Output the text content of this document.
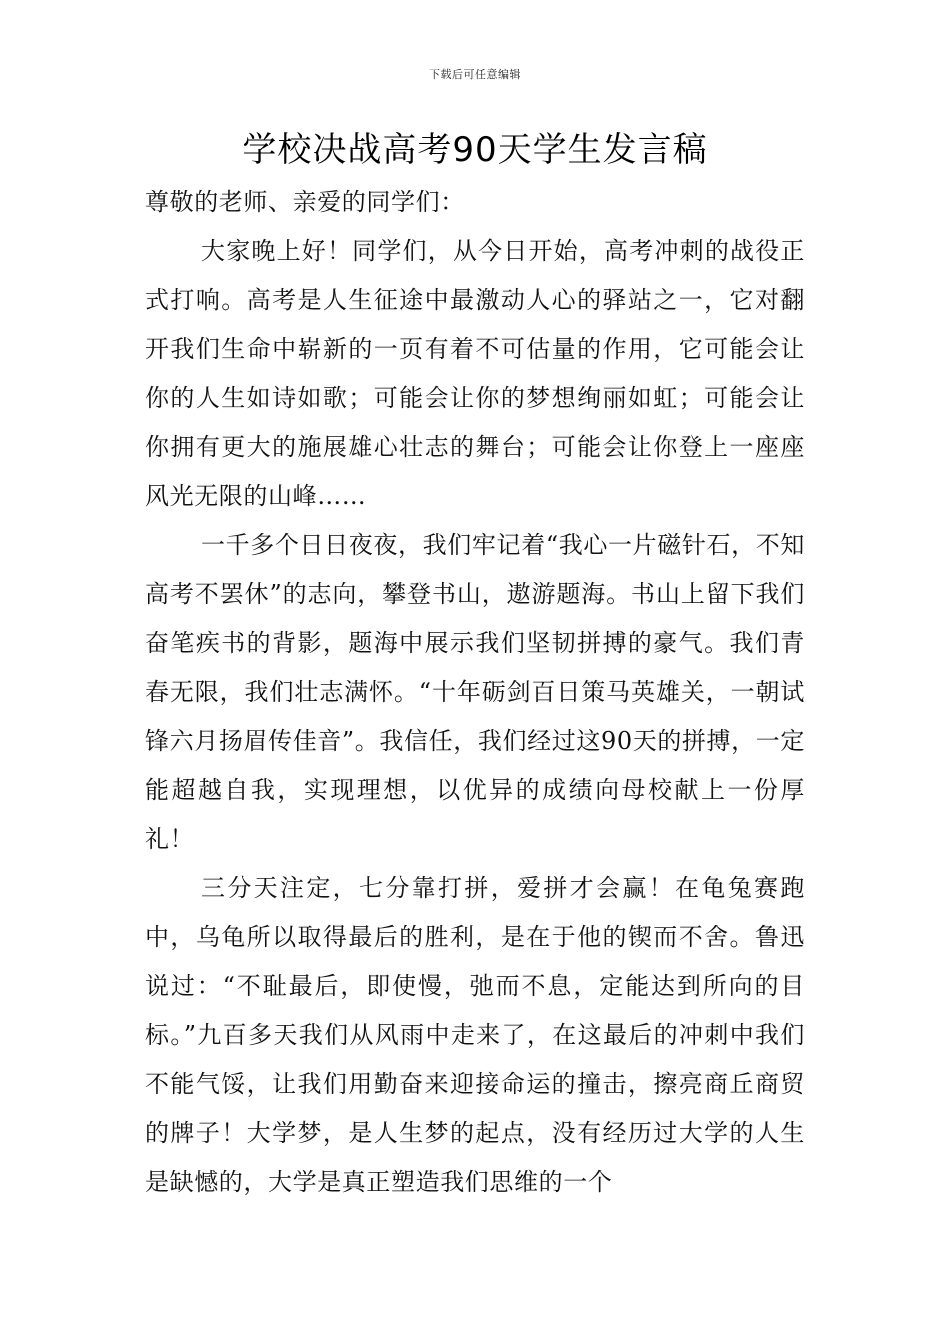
下载后可任意编辑
学校决战高考90天学生发言稿

尊敬的老师、亲爱的同学们：

大家晚上好！同学们，从今日开始，高考冲刺的战役正式打响。高考是人生征途中最激动人心的驿站之一，它对翻开我们生命中崭新的一页有着不可估量的作用，它可能会让你的人生如诗如歌；可能会让你的梦想绚丽如虹；可能会让你拥有更大的施展雄心壮志的舞台；可能会让你登上一座座风光无限的山峰……

一千多个日日夜夜，我们牢记着“我心一片磁针石，不知高考不罢休”的志向，攀登书山，遨游题海。书山上留下我们奋笔疾书的背影，题海中展示我们坚韧拼搏的豪气。我们青春无限，我们壮志满怀。“十年砺剑百日策马英雄关，一朝试锋六月扬眉传佳音”。我信任，我们经过这90天的拼搏，一定能超越自我，实现理想，以优异的成绩向母校献上一份厚礼！

三分天注定，七分靠打拼，爱拼才会赢！在龟兔赛跑中，乌龟所以取得最后的胜利，是在于他的锲而不舍。鲁迅说过：“不耻最后，即使慢，弛而不息，定能达到所向的目标。”九百多天我们从风雨中走来了，在这最后的冲刺中我们不能气馁，让我们用勤奋来迎接命运的撞击，擦亮商丘商贸的牌子！大学梦，是人生梦的起点，没有经历过大学的人生是缺憾的，大学是真正塑造我们思维的一个
